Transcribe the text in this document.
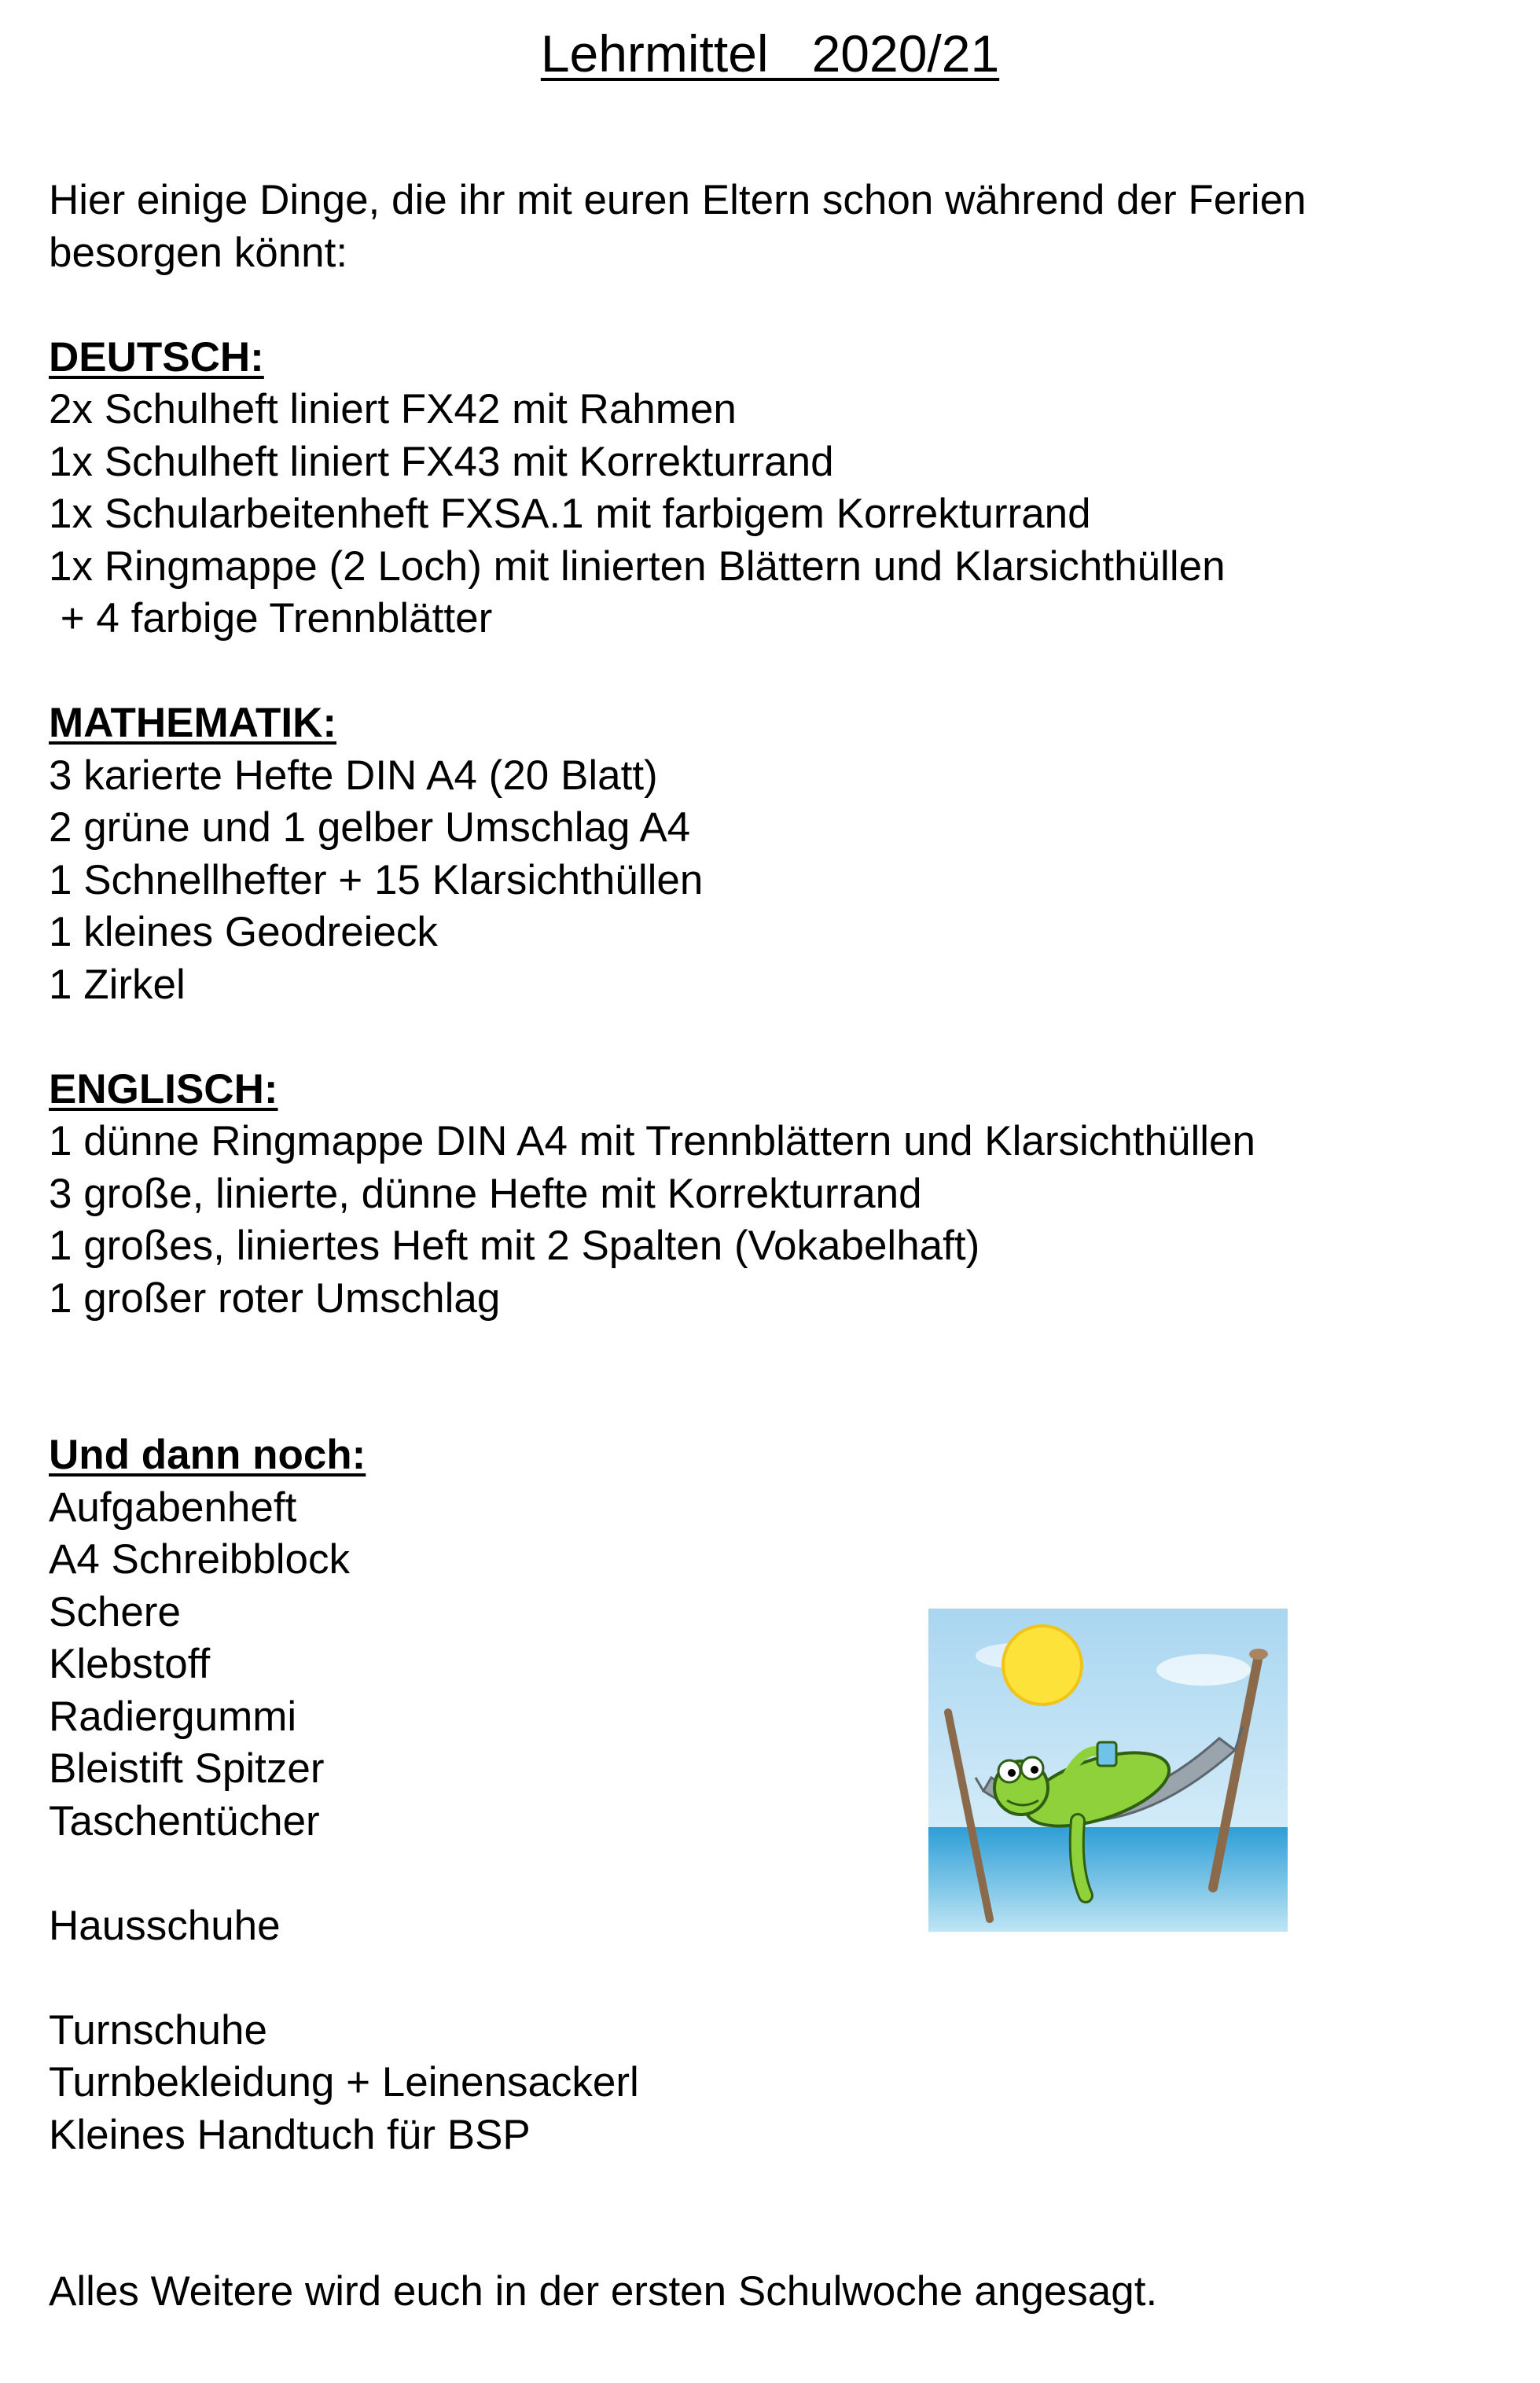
Lehrmittel   2020/21
Hier einige Dinge, die ihr mit euren Eltern schon während der Ferien
besorgen könnt:
DEUTSCH:
2x Schulheft liniert FX42 mit Rahmen
1x Schulheft liniert FX43 mit Korrekturrand
1x Schularbeitenheft FXSA.1 mit farbigem Korrekturrand
1x Ringmappe (2 Loch) mit linierten Blättern und Klarsichthüllen
+ 4 farbige Trennblätter
MATHEMATIK:
3 karierte Hefte DIN A4 (20 Blatt)
2 grüne und 1 gelber Umschlag A4
1 Schnellhefter + 15 Klarsichthüllen
1 kleines Geodreieck
1 Zirkel
ENGLISCH:
1 dünne Ringmappe DIN A4 mit Trennblättern und Klarsichthüllen
3 große, linierte, dünne Hefte mit Korrekturrand
1 großes, liniertes Heft mit 2 Spalten (Vokabelhaft)
1 großer roter Umschlag
Und dann noch:
Aufgabenheft
A4 Schreibblock
Schere
Klebstoff
Radiergummi
Bleistift Spitzer
Taschentücher
Hausschuhe
Turnschuhe
Turnbekleidung + Leinensackerl
Kleines Handtuch für BSP
Alles Weitere wird euch in der ersten Schulwoche angesagt.
